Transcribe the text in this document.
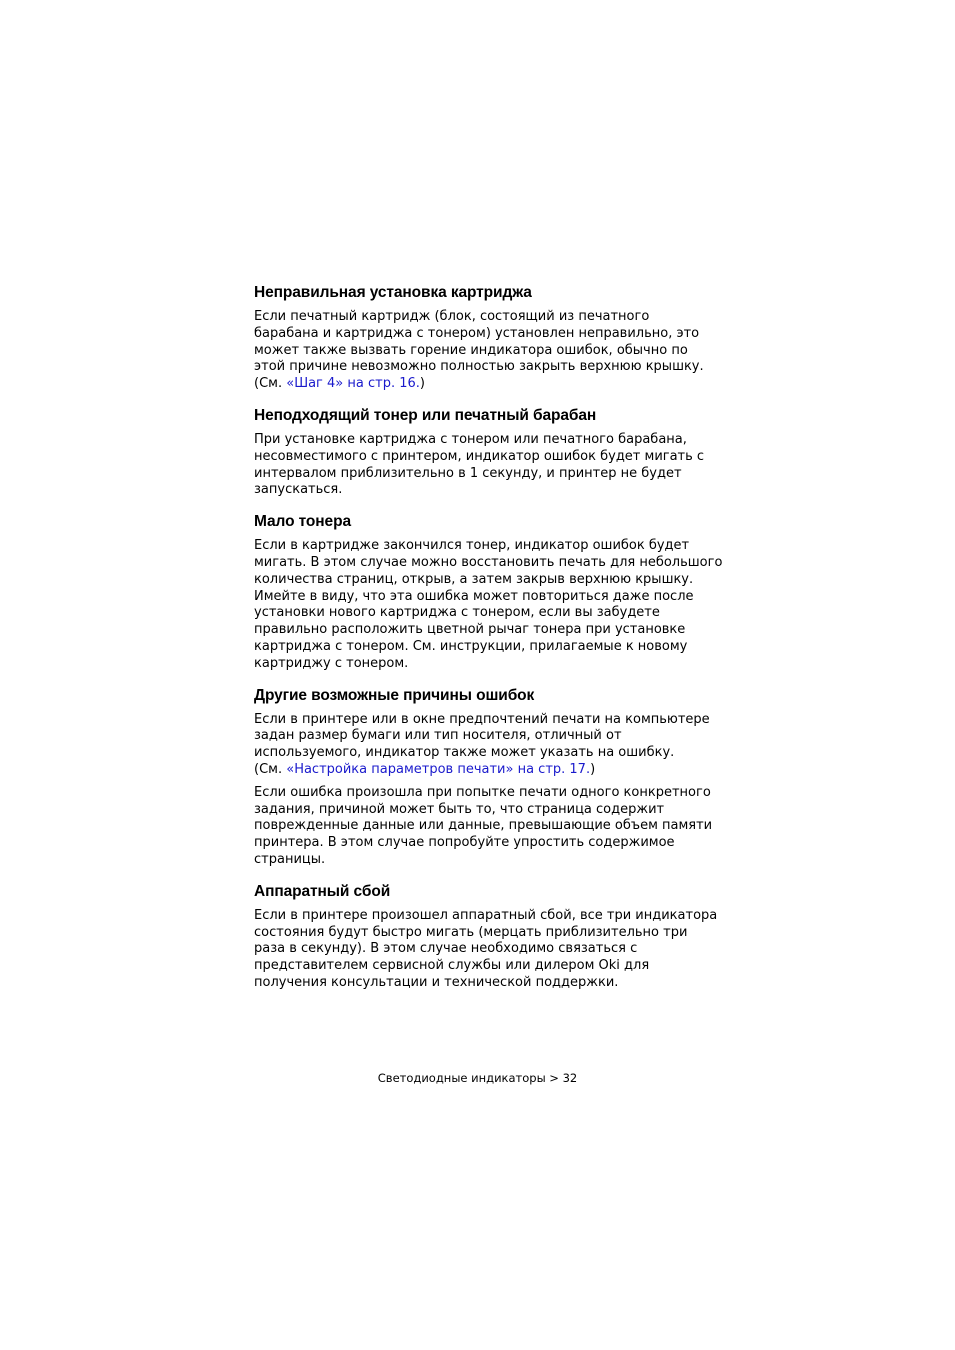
Неправильная установка картриджа
Если печатный картридж (блок, состоящий из печатного
барабана и картриджа с тонером) установлен неправильно, это
может также вызвать горение индикатора ошибок, обычно по
этой причине невозможно полностью закрыть верхнюю крышку.
(См. «Шаг 4» на стр. 16.)
Неподходящий тонер или печатный барабан
При установке картриджа с тонером или печатного барабана,
несовместимого с принтером, индикатор ошибок будет мигать с
интервалом приблизительно в 1 секунду, и принтер не будет
запускаться.
Мало тонера
Если в картридже закончился тонер, индикатор ошибок будет
мигать. В этом случае можно восстановить печать для небольшого
количества страниц, открыв, а затем закрыв верхнюю крышку.
Имейте в виду, что эта ошибка может повториться даже после
установки нового картриджа с тонером, если вы забудете
правильно расположить цветной рычаг тонера при установке
картриджа с тонером. См. инструкции, прилагаемые к новому
картриджу с тонером.
Другие возможные причины ошибок
Если в принтере или в окне предпочтений печати на компьютере
задан размер бумаги или тип носителя, отличный от
используемого, индикатор также может указать на ошибку.
(См. «Настройка параметров печати» на стр. 17.)
Если ошибка произошла при попытке печати одного конкретного
задания, причиной может быть то, что страница содержит
поврежденные данные или данные, превышающие объем памяти
принтера. В этом случае попробуйте упростить содержимое
страницы.
Аппаратный сбой
Если в принтере произошел аппаратный сбой, все три индикатора
состояния будут быстро мигать (мерцать приблизительно три
раза в секунду). В этом случае необходимо связаться с
представителем сервисной службы или дилером Oki для
получения консультации и технической поддержки.
Светодиодные индикаторы > 32
